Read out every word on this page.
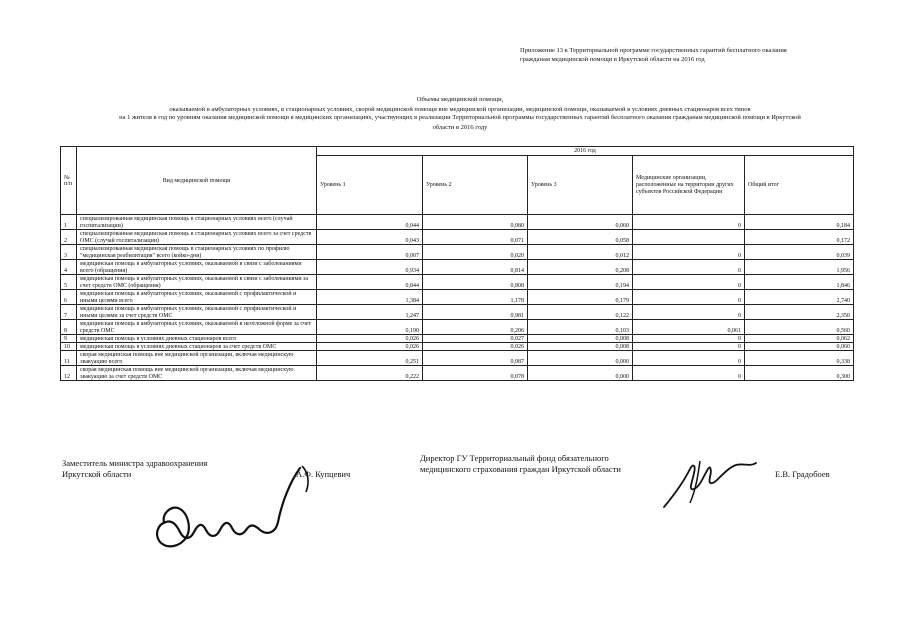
Приложение 13 к Территориальной программе государственных гарантий бесплатного оказания
гражданам медицинской помощи в Иркутской области на 2016 год
Объемы медицинской помощи,
оказываемой в амбулаторных условиях, в стационарных условиях, скорой медицинской помощи вне медицинской организации, медицинской помощи, оказываемой в условиях дневных стационаров всех типов
на 1 жителя в год по уровням оказания медицинской помощи в медицинских организациях, участвующих в реализации Территориальной программы государственных гарантий бесплатного оказания гражданам медицинской помощи в Иркутской
области в 2016 году
№ п/п	Вид медицинской помощи	2016 год				
		Уровень 1	Уровень 2	Уровень 3	Медицинские организации, расположенные на территории других субъектов Российской Федерации	Общий итог
1	специализированная медицинская помощь в стационарных условиях всего (случай госпитализации)	0,044	0,080	0,060	0	0,184
2	специализированная медицинская помощь в стационарных условиях всего за счет средств ОМС (случай госпитализации)	0,043	0,071	0,058		0,172
3	специализированная медицинская помощь в стационарных условиях по профилю "медицинская реабилитация" всего (койко-дни)	0,007	0,020	0,012	0	0,039
4	медицинская помощь в амбулаторных условиях, оказываемой в связи с заболеваниями всего (обращения)	0,934	0,814	0,208	0	1,956
5	медицинская помощь в амбулаторных условиях, оказываемой в связи с заболеваниями за счет средств ОМС (обращения)	0,844	0,808	0,194	0	1,846
6	медицинская помощь в амбулаторных условиях, оказываемой с профилактической и иными целями всего	1,384	1,178	0,179	0	2,740
7	медицинская помощь в амбулаторных условиях, оказываемой с профилактической и иными целями за счет средств ОМС	1,247	0,981	0,122	0	2,350
8	медицинская помощь в амбулаторных условиях, оказываемой в неотложной форме за счет средств ОМС	0,190	0,206	0,103	0,061	0,560
9	медицинская помощь в условиях дневных стационаров всего	0,026	0,027	0,008	0	0,062
10	медицинская помощь в условиях дневных стационаров за счет средств ОМС	0,026	0,026	0,008	0	0,060
11	скорая медицинская помощь вне медицинской организации, включая медицинскую эвакуацию всего	0,251	0,087	0,000	0	0,338
12	скорая медицинская помощь вне медицинской организации, включая медицинскую эвакуацию за счет средств ОМС	0,222	0,078	0,000	0	0,300
Заместитель министра здравоохранения
Иркутской области	А.Ф. Купцевич
Директор ГУ Территориальный фонд обязательного
медицинского страхования граждан Иркутской области	Е.В. Градобоев
